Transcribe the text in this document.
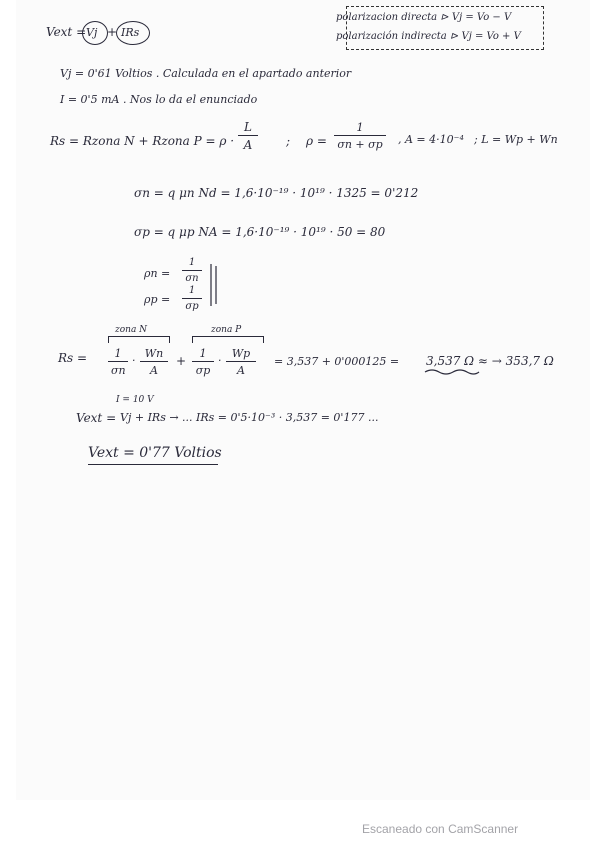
Vext = Vj + IRs
polarizacion directa ⊳ Vj = Vo − V
polarización indirecta ⊳ Vj = Vo + V
Vj = 0'61 Voltios . Calculada en el apartado anterior
I = 0'5 mA . Nos lo da el enunciado
Rs = Rzona N + Rzona $P = \rho \cdot \frac{L}{A}$ ; $\rho = \frac{1}{\sigma n + \sigma p}$ , A = 4·10⁻⁴ ; L = Wp + Wn
σn = q μn Nd = 1,6·10⁻¹⁹ · 10¹⁹ · 1325 = 0'212
σp = q μp NA = 1,6·10⁻¹⁹ · 10¹⁹ · 50 = 80
$\rho n = \frac{1}{\sigma n}$
$\rho p = \frac{1}{\sigma p}$
Rs =
zona N	zona P
$\frac{1}{\sigma n} \cdot \frac{Wn}{A} + \frac{1}{\sigma p} \cdot \frac{Wp}{A} = 3,537 + 0'000125 = 3,537$ Ω ≈ → 353,7 Ω
I = 10 V
Vext = Vj + IRs → ... IRs = 0'5·10⁻³ · 3,537 = 0'177 ...
Vext = 0'77 Voltios
Escaneado con CamScanner
